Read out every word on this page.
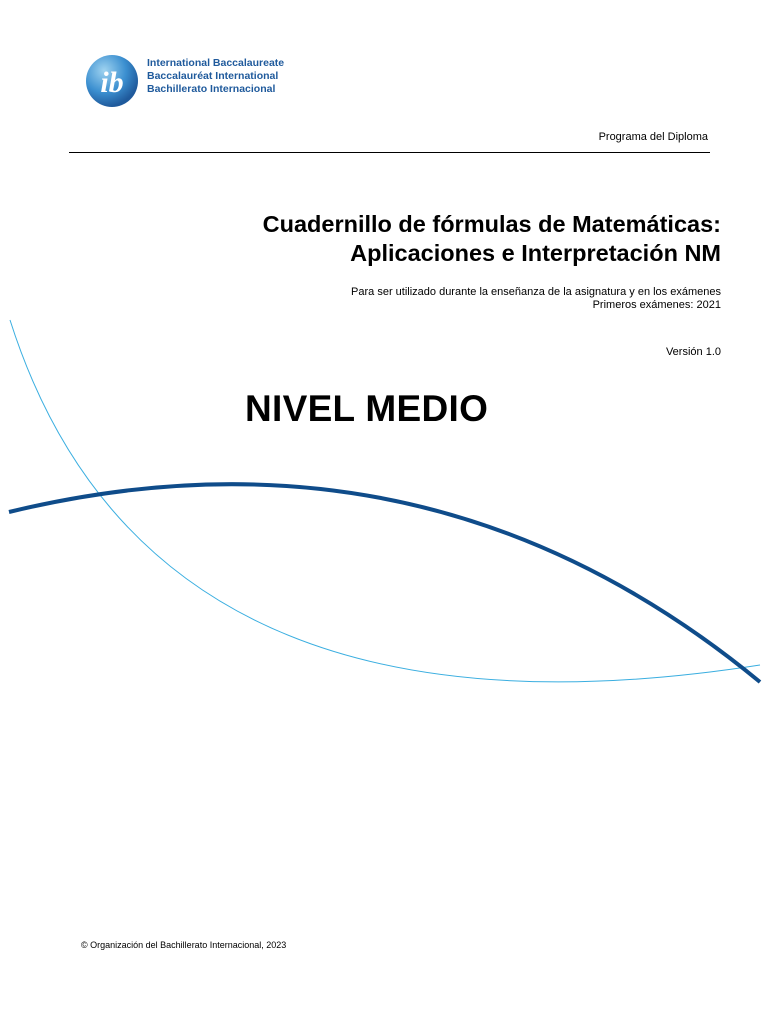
ib
International Baccalaureate
Baccalauréat International
Bachillerato Internacional
Programa del Diploma
Cuadernillo de fórmulas de Matemáticas:
Aplicaciones e Interpretación NM
Para ser utilizado durante la enseñanza de la asignatura y en los exámenes
Primeros exámenes: 2021
Versión 1.0
NIVEL MEDIO
© Organización del Bachillerato Internacional, 2023
